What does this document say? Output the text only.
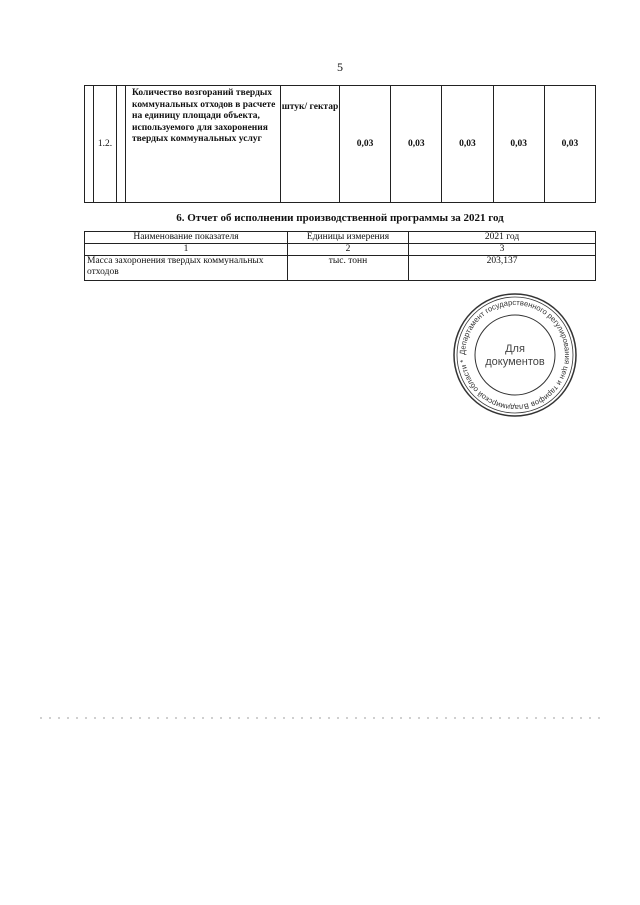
5
	1.2.		Количество возгораний твердых коммунальных отходов в расчете на единицу площади объекта, используемого для захоронения твердых коммунальных услуг	штук/ гектар	0,03	0,03	0,03	0,03	0,03
6. Отчет об исполнении производственной программы за 2021 год
Наименование показателя	Единицы измерения	2021 год
1	2	3
Масса захоронения твердых коммунальных отходов	тыс. тонн	203,137
Департамент государственного регулирования цен и тарифов Владимирской области *
Для
документов
